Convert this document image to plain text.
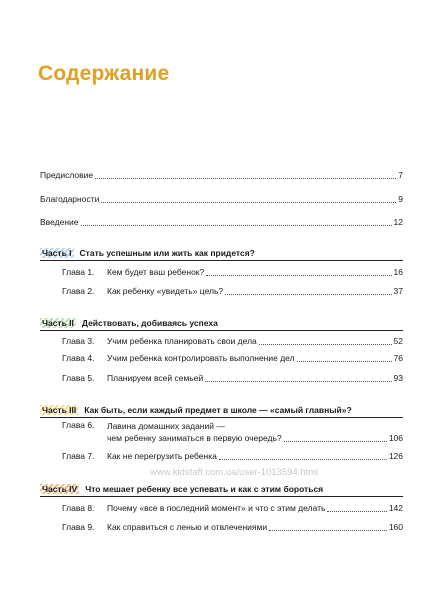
Содержание
Предисловие	7
Благодарности	9
Введение	12
Часть I Стать успешным или жить как придется?
Глава 1.	Кем будет ваш ребенок?	16
Глава 2.	Как ребенку «увидеть» цель?	37
Часть II Действовать, добиваясь успеха
Глава 3.	Учим ребенка планировать свои дела	52
Глава 4.	Учим ребенка контролировать выполнение дел	76
Глава 5.	Планируем всей семьей	93
Часть III Как быть, если каждый предмет в школе — «самый главный»?
Глава 6.	Лавина домашних заданий —
чем ребенку заниматься в первую очередь?	106
Глава 7.	Как не перегрузить ребенка	126
www.kidstaff.com.ua/user-1013594.html
Часть IV Что мешает ребенку все успевать и как с этим бороться
Глава 8.	Почему «все в последний момент» и что с этим делать	142
Глава 9.	Как справиться с ленью и отвлечениями	160
